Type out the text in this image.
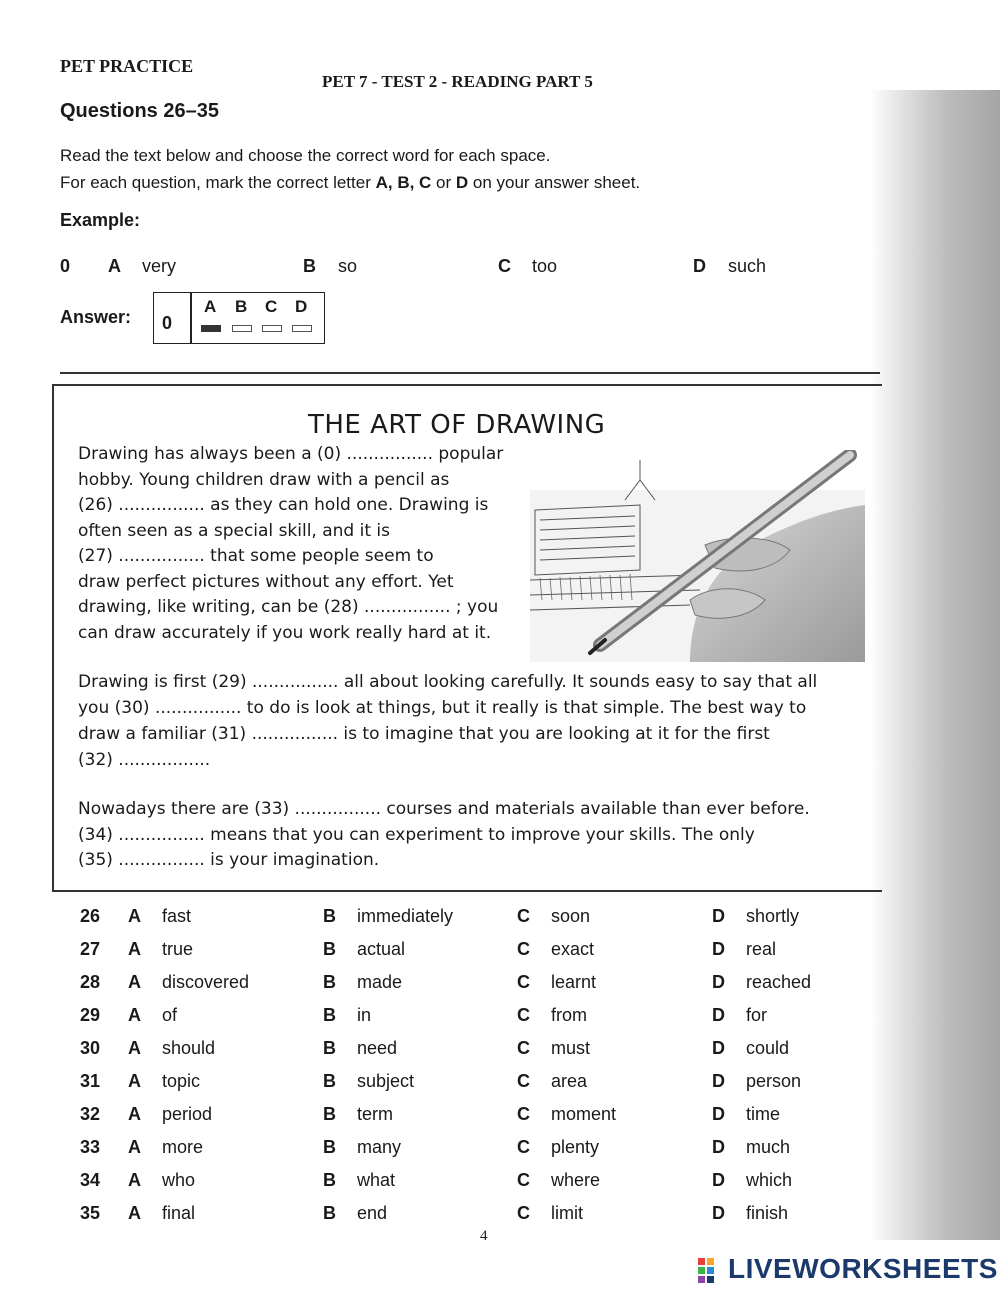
PET PRACTICE
PET 7 - TEST 2 - READING PART 5
Questions 26–35
Read the text below and choose the correct word for each space.
For each question, mark the correct letter A, B, C or D on your answer sheet.
Example:
0 A very	B so	C too	D such
Answer: 0
A B C D
THE ART OF DRAWING
Drawing has always been a (0) ................ popular
hobby. Young children draw with a pencil as
(26) ................ as they can hold one. Drawing is
often seen as a special skill, and it is
(27) ................ that some people seem to
draw perfect pictures without any effort. Yet
drawing, like writing, can be (28) ................ ; you
can draw accurately if you work really hard at it.
Drawing is first (29) ................ all about looking carefully. It sounds easy to say that all
you (30) ................ to do is look at things, but it really is that simple. The best way to
draw a familiar (31) ................ is to imagine that you are looking at it for the first
(32) .................
Nowadays there are (33) ................ courses and materials available than ever before.
(34) ................ means that you can experiment to improve your skills. The only
(35) ................ is your imagination.
26 A fast	B immediately	C soon	D shortly
27 A true	B actual	C exact	D real
28 A discovered	B made	C learnt	D reached
29 A of	B in	C from	D for
30 A should	B need	C must	D could
31 A topic	B subject	C area	D person
32 A period	B term	C moment	D time
33 A more	B many	C plenty	D much
34 A who	B what	C where	D which
35 A final	B end	C limit	D finish
4
LIVEWORKSHEETS
